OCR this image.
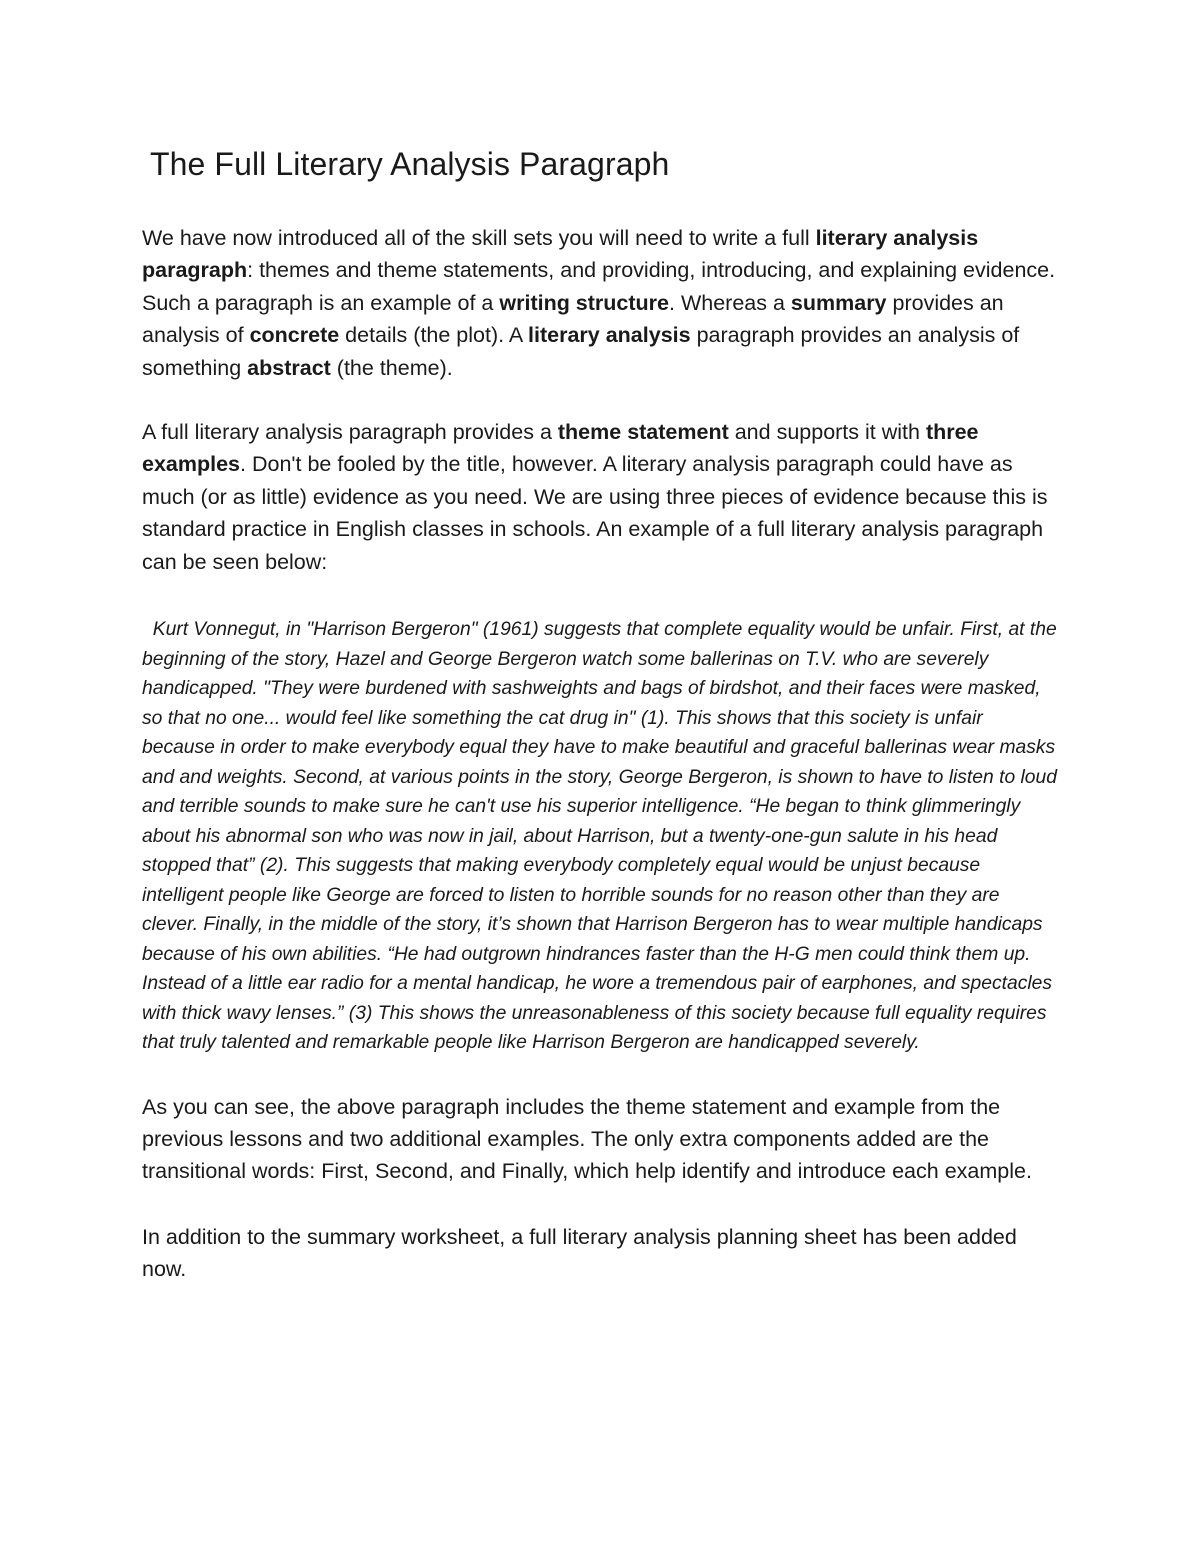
The Full Literary Analysis Paragraph

We have now introduced all of the skill sets you will need to write a full literary analysis paragraph: themes and theme statements, and providing, introducing, and explaining evidence. Such a paragraph is an example of a writing structure. Whereas a summary provides an analysis of concrete details (the plot). A literary analysis paragraph provides an analysis of something abstract (the theme).

A full literary analysis paragraph provides a theme statement and supports it with three examples. Don't be fooled by the title, however. A literary analysis paragraph could have as much (or as little) evidence as you need. We are using three pieces of evidence because this is standard practice in English classes in schools. An example of a full literary analysis paragraph can be seen below:

Kurt Vonnegut, in "Harrison Bergeron" (1961) suggests that complete equality would be unfair. First, at the beginning of the story, Hazel and George Bergeron watch some ballerinas on T.V. who are severely handicapped. "They were burdened with sashweights and bags of birdshot, and their faces were masked, so that no one... would feel like something the cat drug in" (1). This shows that this society is unfair because in order to make everybody equal they have to make beautiful and graceful ballerinas wear masks and and weights. Second, at various points in the story, George Bergeron, is shown to have to listen to loud and terrible sounds to make sure he can't use his superior intelligence. “He began to think glimmeringly about his abnormal son who was now in jail, about Harrison, but a twenty-one-gun salute in his head stopped that” (2). This suggests that making everybody completely equal would be unjust because intelligent people like George are forced to listen to horrible sounds for no reason other than they are clever. Finally, in the middle of the story, it’s shown that Harrison Bergeron has to wear multiple handicaps because of his own abilities. “He had outgrown hindrances faster than the H-G men could think them up. Instead of a little ear radio for a mental handicap, he wore a tremendous pair of earphones, and spectacles with thick wavy lenses.” (3) This shows the unreasonableness of this society because full equality requires that truly talented and remarkable people like Harrison Bergeron are handicapped severely.

As you can see, the above paragraph includes the theme statement and example from the previous lessons and two additional examples. The only extra components added are the transitional words: First, Second, and Finally, which help identify and introduce each example.

In addition to the summary worksheet, a full literary analysis planning sheet has been added now.
